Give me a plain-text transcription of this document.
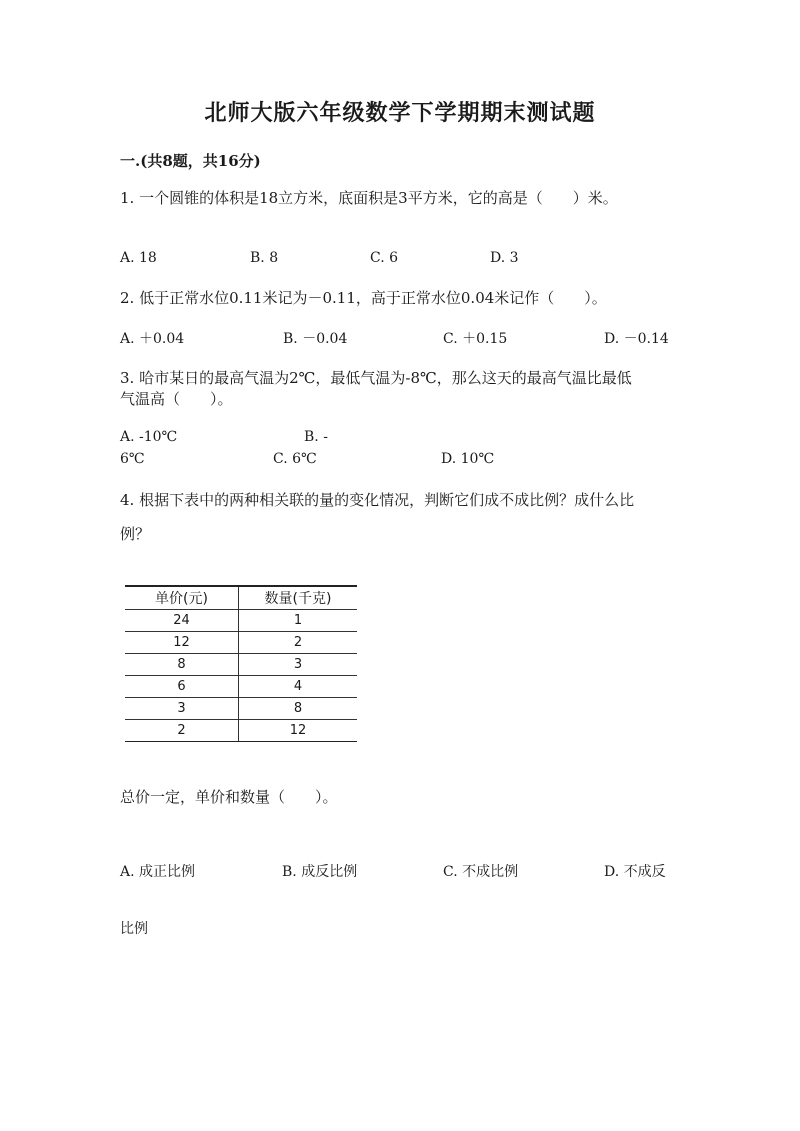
北师大版六年级数学下学期期末测试题
一.(共8题，共16分)
1. 一个圆锥的体积是18立方米，底面积是3平方米，它的高是（　　）米。
A. 18	B. 8	C. 6	D. 3
2. 低于正常水位0.11米记为－0.11，高于正常水位0.04米记作（　　）。
A. ＋0.04	B. －0.04	C. ＋0.15	D. －0.14
3. 哈市某日的最高气温为2℃，最低气温为-8℃，那么这天的最高气温比最低
气温高（　　）。
A. -10℃	B. -
6℃	C. 6℃	D. 10℃
4. 根据下表中的两种相关联的量的变化情况，判断它们成不成比例？成什么比
例？
单价(元)	数量(千克)
24	1
12	2
8	3
6	4
3	8
2	12
总价一定，单价和数量（　　）。
A. 成正比例	B. 成反比例	C. 不成比例	D. 不成反
比例
